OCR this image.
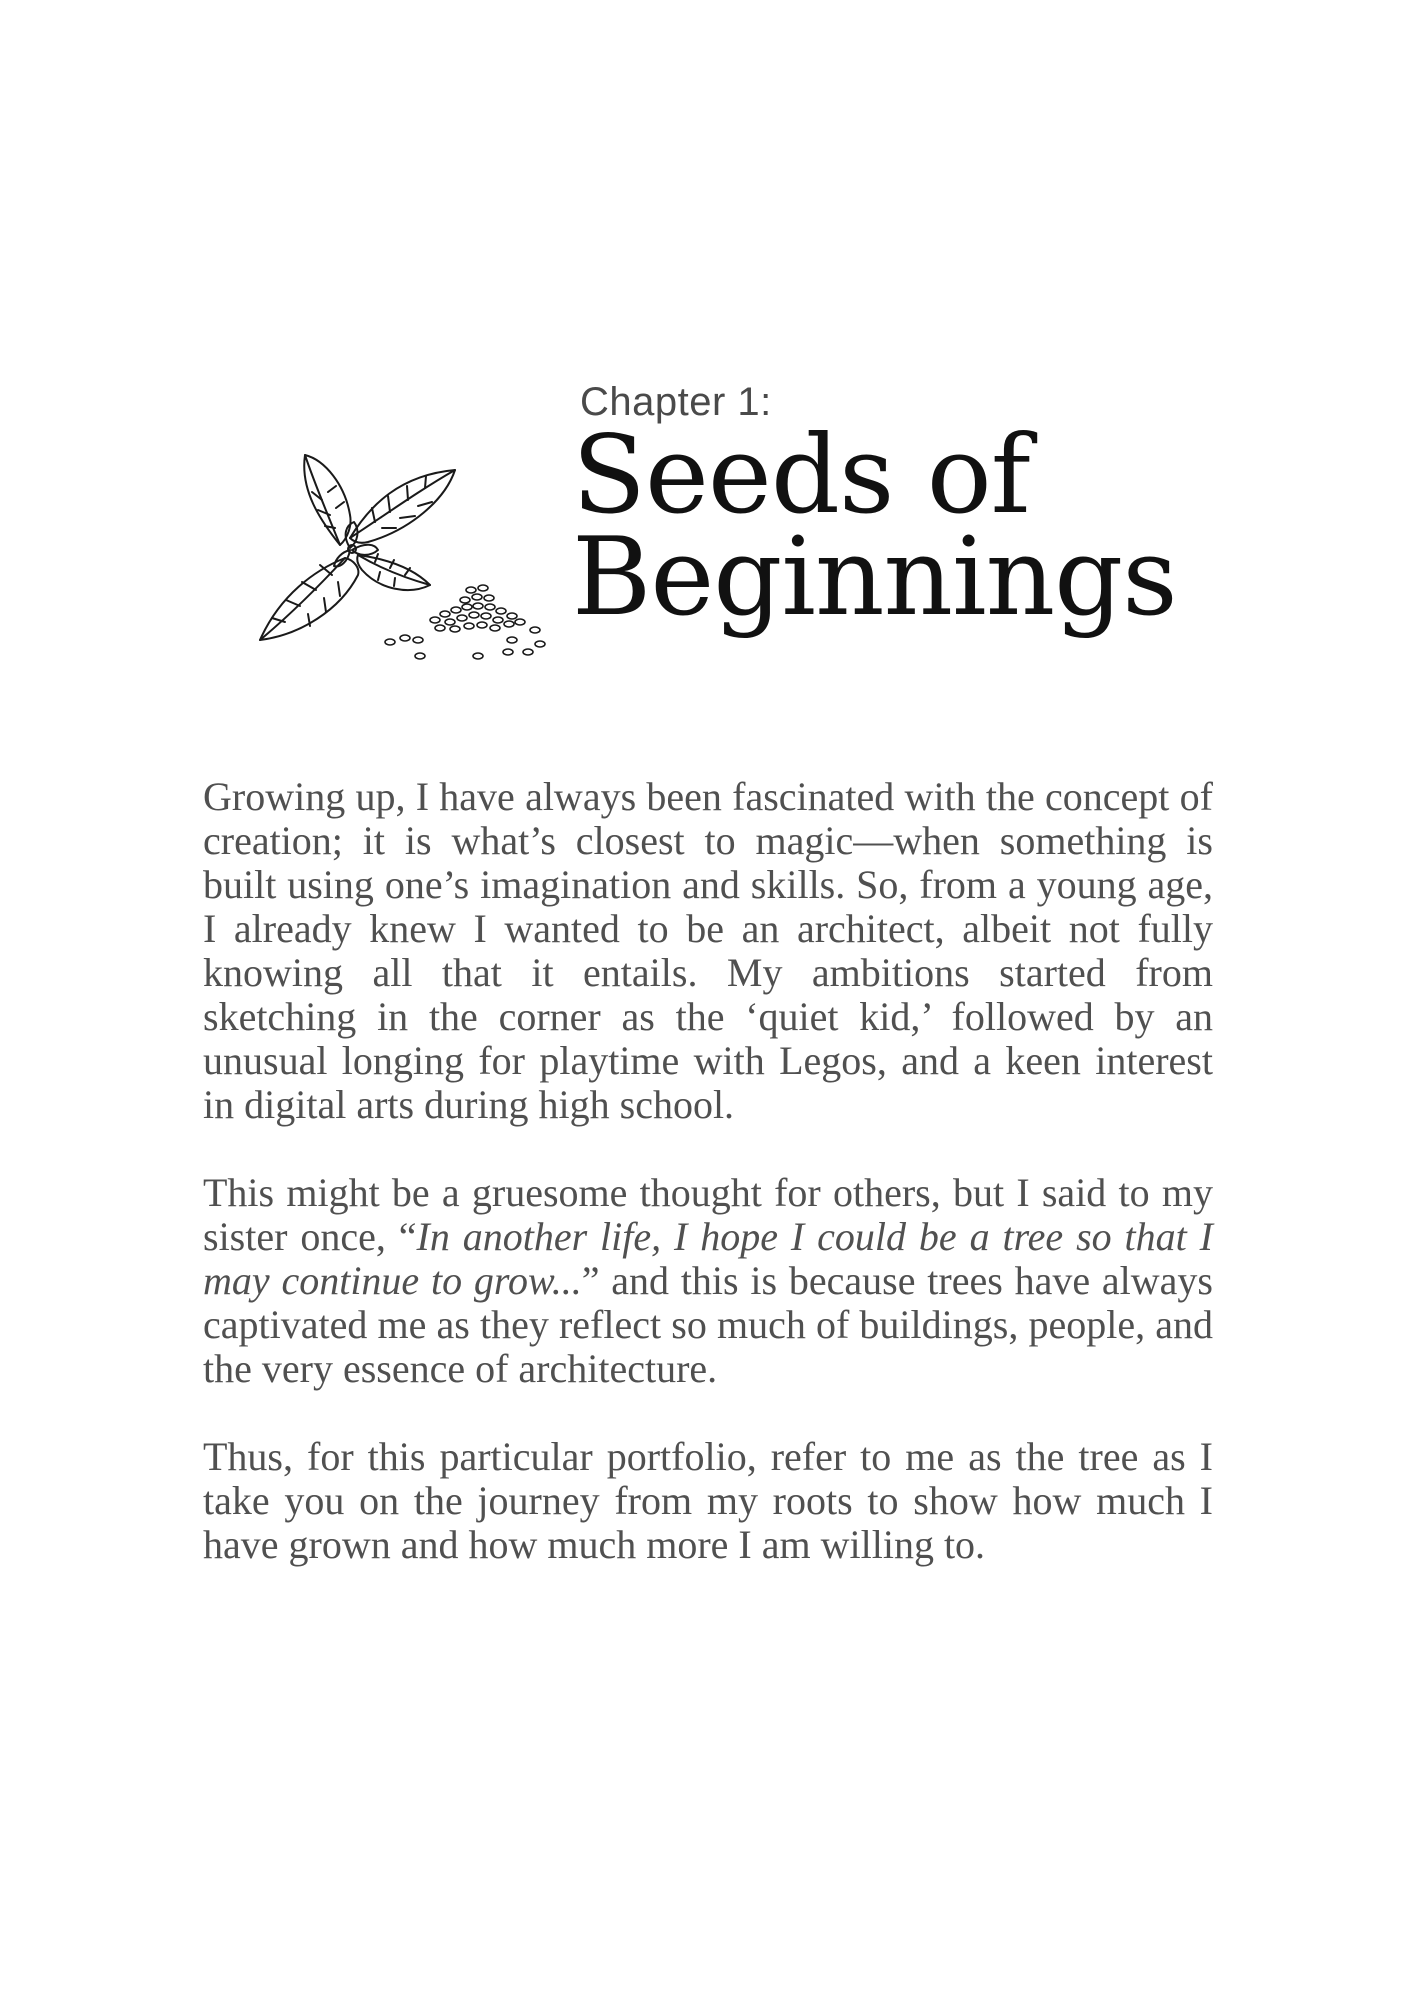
Chapter 1:
Seeds of
Beginnings

Growing up, I have always been fascinated with the concept of creation; it is what’s closest to magic—when something is built using one’s imagination and skills. So, from a young age, I already knew I wanted to be an architect, albeit not fully knowing all that it entails. My ambitions started from sketching in the corner as the ‘quiet kid,’ followed by an unusual longing for playtime with Legos, and a keen interest in digital arts during high school.

This might be a gruesome thought for others, but I said to my sister once, “In another life, I hope I could be a tree so that I may continue to grow...” and this is because trees have always captivated me as they reflect so much of buildings, people, and the very essence of architecture.

Thus, for this particular portfolio, refer to me as the tree as I take you on the journey from my roots to show how much I have grown and how much more I am willing to.
